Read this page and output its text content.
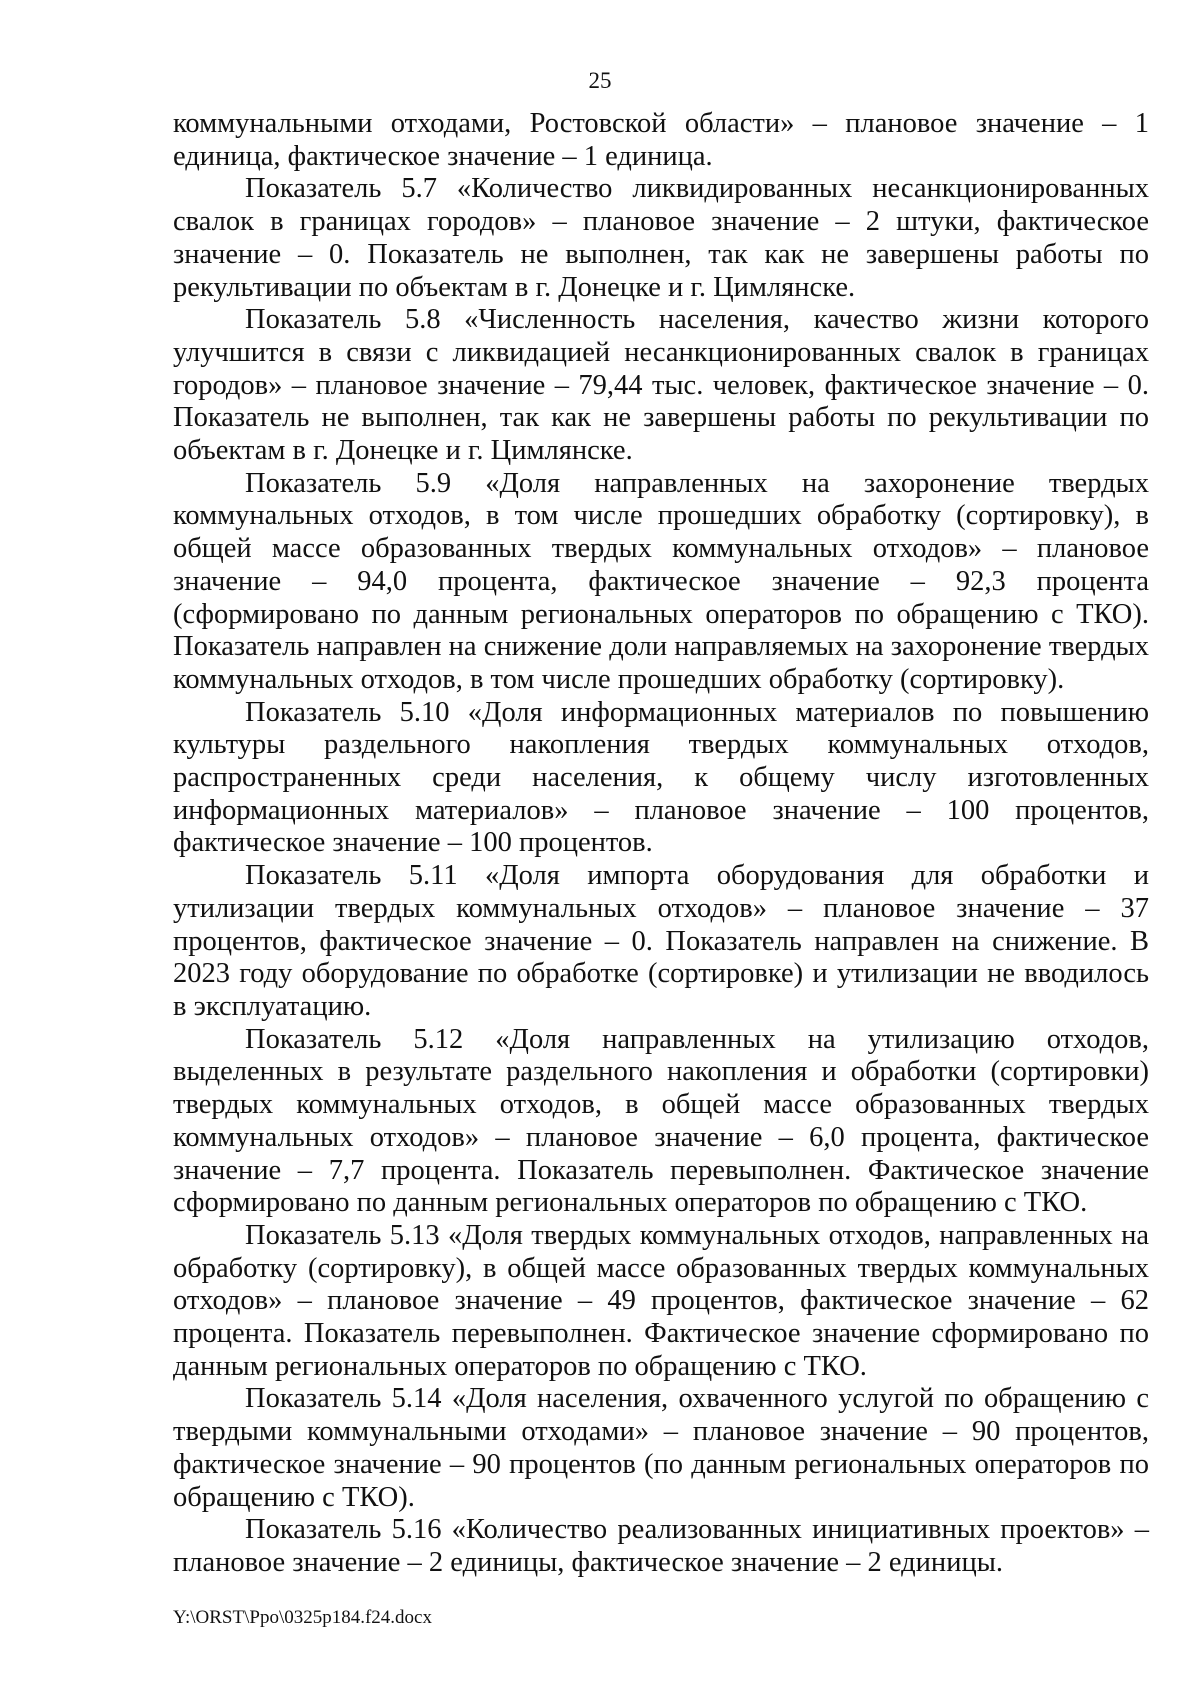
25

коммунальными отходами, Ростовской области» – плановое значение – 1 единица, фактическое значение – 1 единица.

Показатель 5.7 «Количество ликвидированных несанкционированных свалок в границах городов» – плановое значение – 2 штуки, фактическое значение – 0. Показатель не выполнен, так как не завершены работы по рекультивации по объектам в г. Донецке и г. Цимлянске.

Показатель 5.8 «Численность населения, качество жизни которого улучшится в связи с ликвидацией несанкционированных свалок в границах городов» – плановое значение – 79,44 тыс. человек, фактическое значение – 0. Показатель не выполнен, так как не завершены работы по рекультивации по объектам в г. Донецке и г. Цимлянске.

Показатель 5.9 «Доля направленных на захоронение твердых коммунальных отходов, в том числе прошедших обработку (сортировку), в общей массе образованных твердых коммунальных отходов» – плановое значение – 94,0 процента, фактическое значение – 92,3 процента (сформировано по данным региональных операторов по обращению с ТКО). Показатель направлен на снижение доли направляемых на захоронение твердых коммунальных отходов, в том числе прошедших обработку (сортировку).

Показатель 5.10 «Доля информационных материалов по повышению культуры раздельного накопления твердых коммунальных отходов, распространенных среди населения, к общему числу изготовленных информационных материалов» – плановое значение – 100 процентов, фактическое значение – 100 процентов.

Показатель 5.11 «Доля импорта оборудования для обработки и утилизации твердых коммунальных отходов» – плановое значение – 37 процентов, фактическое значение – 0. Показатель направлен на снижение. В 2023 году оборудование по обработке (сортировке) и утилизации не вводилось в эксплуатацию.

Показатель 5.12 «Доля направленных на утилизацию отходов, выделенных в результате раздельного накопления и обработки (сортировки) твердых коммунальных отходов, в общей массе образованных твердых коммунальных отходов» – плановое значение – 6,0 процента, фактическое значение – 7,7 процента. Показатель перевыполнен. Фактическое значение сформировано по данным региональных операторов по обращению с ТКО.

Показатель 5.13 «Доля твердых коммунальных отходов, направленных на обработку (сортировку), в общей массе образованных твердых коммунальных отходов» – плановое значение – 49 процентов, фактическое значение – 62 процента. Показатель перевыполнен. Фактическое значение сформировано по данным региональных операторов по обращению с ТКО.

Показатель 5.14 «Доля населения, охваченного услугой по обращению с твердыми коммунальными отходами» – плановое значение – 90 процентов, фактическое значение – 90 процентов (по данным региональных операторов по обращению с ТКО).

Показатель 5.16 «Количество реализованных инициативных проектов» – плановое значение – 2 единицы, фактическое значение – 2 единицы.

Y:\ORST\Ppo\0325p184.f24.docx
